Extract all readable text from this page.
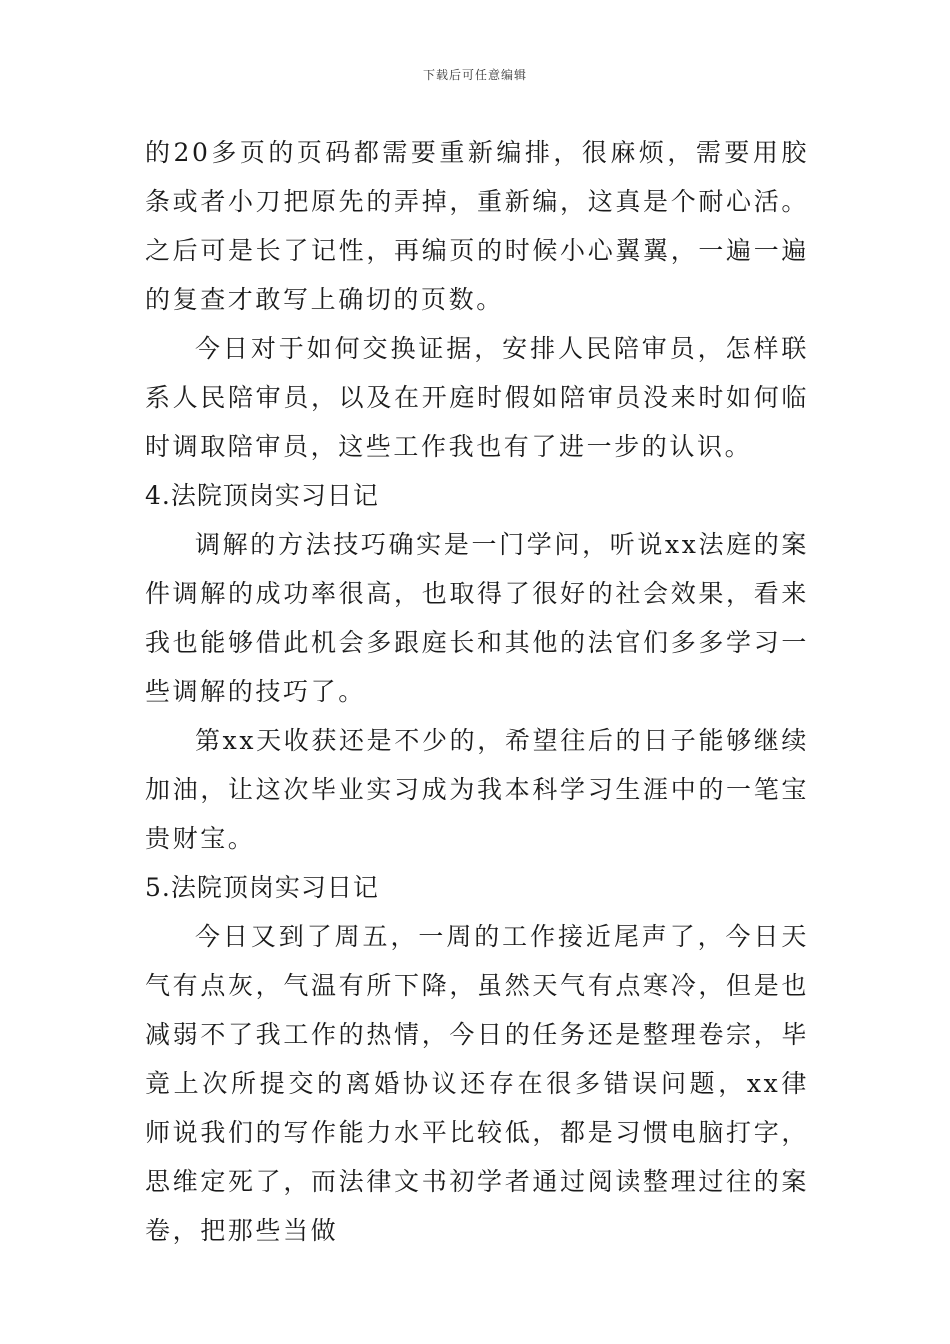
下载后可任意编辑

的20多页的页码都需要重新编排，很麻烦，需要用胶条或者小刀把原先的弄掉，重新编，这真是个耐心活。之后可是长了记性，再编页的时候小心翼翼，一遍一遍的复查才敢写上确切的页数。

今日对于如何交换证据，安排人民陪审员，怎样联系人民陪审员，以及在开庭时假如陪审员没来时如何临时调取陪审员，这些工作我也有了进一步的认识。

4.法院顶岗实习日记

调解的方法技巧确实是一门学问，听说xx法庭的案件调解的成功率很高，也取得了很好的社会效果，看来我也能够借此机会多跟庭长和其他的法官们多多学习一些调解的技巧了。

第xx天收获还是不少的，希望往后的日子能够继续加油，让这次毕业实习成为我本科学习生涯中的一笔宝贵财宝。

5.法院顶岗实习日记

今日又到了周五，一周的工作接近尾声了，今日天气有点灰，气温有所下降，虽然天气有点寒冷，但是也减弱不了我工作的热情，今日的任务还是整理卷宗，毕竟上次所提交的离婚协议还存在很多错误问题，xx律师说我们的写作能力水平比较低，都是习惯电脑打字，思维定死了，而法律文书初学者通过阅读整理过往的案卷，把那些当做
